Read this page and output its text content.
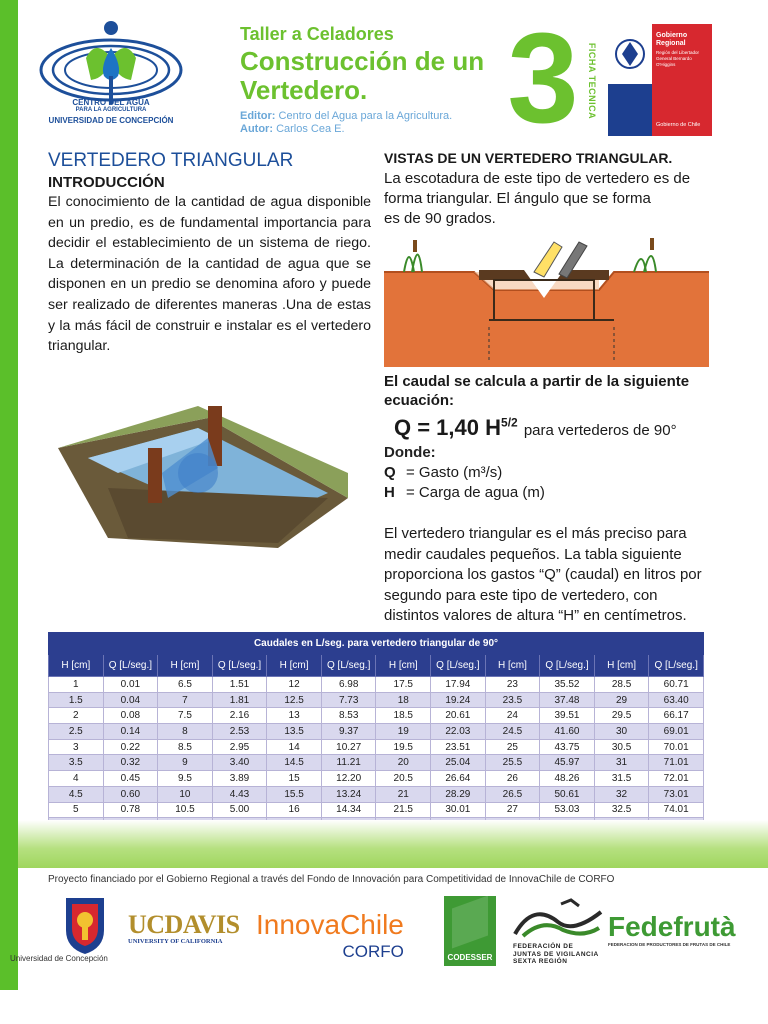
CENTRO DEL AGUA
PARA LA AGRICULTURA
UNIVERSIDAD DE CONCEPCIÓN
Taller a Celadores
Construcción de un Vertedero.
Editor: Centro del Agua para la Agricultura.
Autor: Carlos Cea E.	3 FICHA TECNICA
Gobierno Regional
Región del Libertador General Bernardo O'Higgins
Gobierno de Chile
VERTEDERO TRIANGULAR
INTRODUCCIÓN
El conocimiento de la cantidad de agua disponible en un predio, es de fundamental importancia para decidir el establecimiento de un sistema de riego. La determinación de la cantidad de agua que se disponen en un predio se denomina aforo y puede ser realizado de diferentes maneras .Una de estas y la más fácil de construir e instalar es el vertedero triangular.
VISTAS DE UN VERTEDERO TRIANGULAR.
La escotadura de este tipo de vertedero es de
forma triangular. El ángulo que se forma
es de 90 grados.
El caudal se calcula a partir de la siguiente ecuación:
Q = 1,40 $H^{5/2}$ para vertederos de 90°
Donde:
Q = Gasto (m³/s)
H = Carga de agua (m)
El vertedero triangular es el más preciso para medir caudales pequeños. La tabla siguiente proporciona los gastos “Q” (caudal) en litros por segundo para este tipo de vertedero, con distintos valores de altura “H” en centímetros.
Caudales en L/seg. para vertedero triangular de 90°											
H [cm]	Q [L/seg.]	H [cm]	Q [L/seg.]	H [cm]	Q [L/seg.]	H [cm]	Q [L/seg.]	H [cm]	Q [L/seg.]	H [cm]	Q [L/seg.]
1	0.01	6.5	1.51	12	6.98	17.5	17.94	23	35.52	28.5	60.71
1.5	0.04	7	1.81	12.5	7.73	18	19.24	23.5	37.48	29	63.40
2	0.08	7.5	2.16	13	8.53	18.5	20.61	24	39.51	29.5	66.17
2.5	0.14	8	2.53	13.5	9.37	19	22.03	24.5	41.60	30	69.01
3	0.22	8.5	2.95	14	10.27	19.5	23.51	25	43.75	30.5	70.01
3.5	0.32	9	3.40	14.5	11.21	20	25.04	25.5	45.97	31	71.01
4	0.45	9.5	3.89	15	12.20	20.5	26.64	26	48.26	31.5	72.01
4.5	0.60	10	4.43	15.5	13.24	21	28.29	26.5	50.61	32	73.01
5	0.78	10.5	5.00	16	14.34	21.5	30.01	27	53.03	32.5	74.01

Proyecto financiado por el Gobierno Regional a través del Fondo de Innovación para Competitividad de InnovaChile de CORFO
Universidad de Concepción
UCDAVIS
UNIVERSITY OF CALIFORNIA
InnovaChile
CORFO	CODESSER
FEDERACIÓN DE
JUNTAS DE VIGILANCIA
SEXTA REGIÓN
Fedefrutà
FEDERACION DE PRODUCTORES DE FRUTAS DE CHILE
